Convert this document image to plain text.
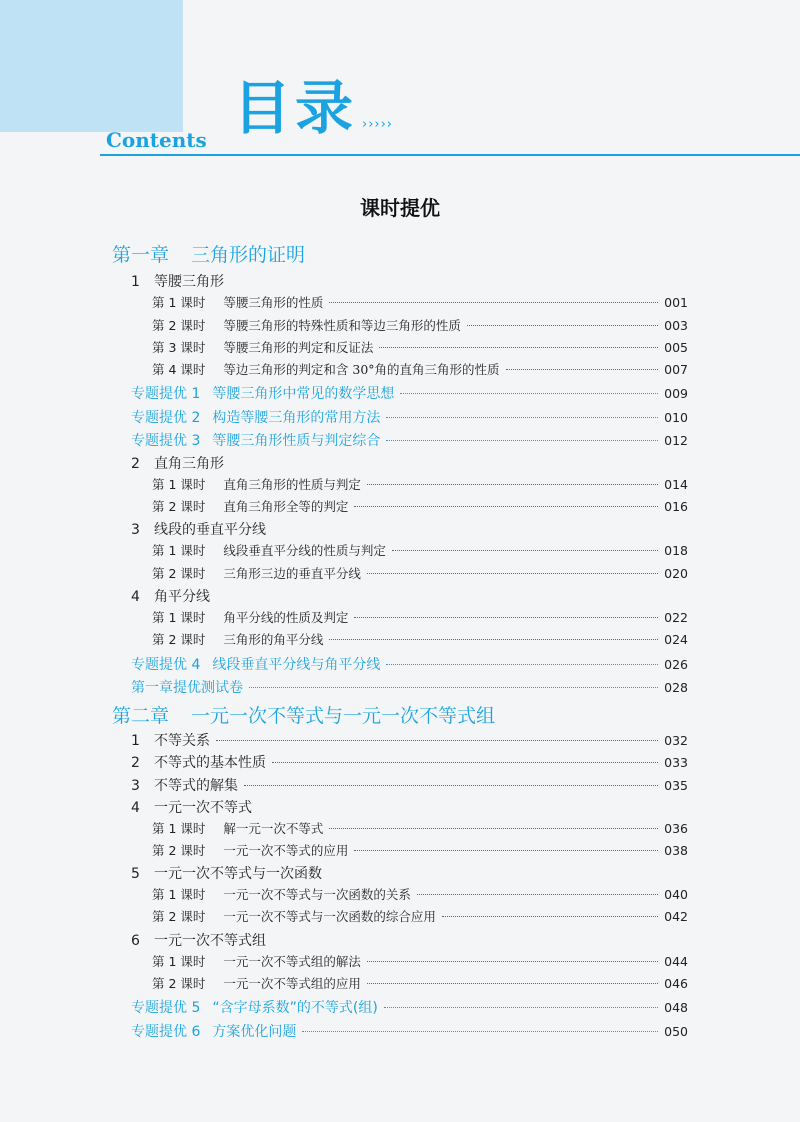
目录 ›››››
Contents
课时提优
第一章 三角形的证明
1	等腰三角形
第 1 课时 等腰三角形的性质	001
第 2 课时 等腰三角形的特殊性质和等边三角形的性质	003
第 3 课时 等腰三角形的判定和反证法	005
第 4 课时 等边三角形的判定和含 30°角的直角三角形的性质	007
专题提优 1 等腰三角形中常见的数学思想	009
专题提优 2 构造等腰三角形的常用方法	010
专题提优 3 等腰三角形性质与判定综合	012
2	直角三角形
第 1 课时 直角三角形的性质与判定	014
第 2 课时 直角三角形全等的判定	016
3	线段的垂直平分线
第 1 课时 线段垂直平分线的性质与判定	018
第 2 课时 三角形三边的垂直平分线	020
4	角平分线
第 1 课时 角平分线的性质及判定	022
第 2 课时 三角形的角平分线	024
专题提优 4 线段垂直平分线与角平分线	026
第一章提优测试卷	028
第二章 一元一次不等式与一元一次不等式组
1	不等关系	032
2	不等式的基本性质	033
3	不等式的解集	035
4	一元一次不等式
第 1 课时 解一元一次不等式	036
第 2 课时 一元一次不等式的应用	038
5	一元一次不等式与一次函数
第 1 课时 一元一次不等式与一次函数的关系	040
第 2 课时 一元一次不等式与一次函数的综合应用	042
6	一元一次不等式组
第 1 课时 一元一次不等式组的解法	044
第 2 课时 一元一次不等式组的应用	046
专题提优 5 “含字母系数”的不等式(组)	048
专题提优 6 方案优化问题	050
